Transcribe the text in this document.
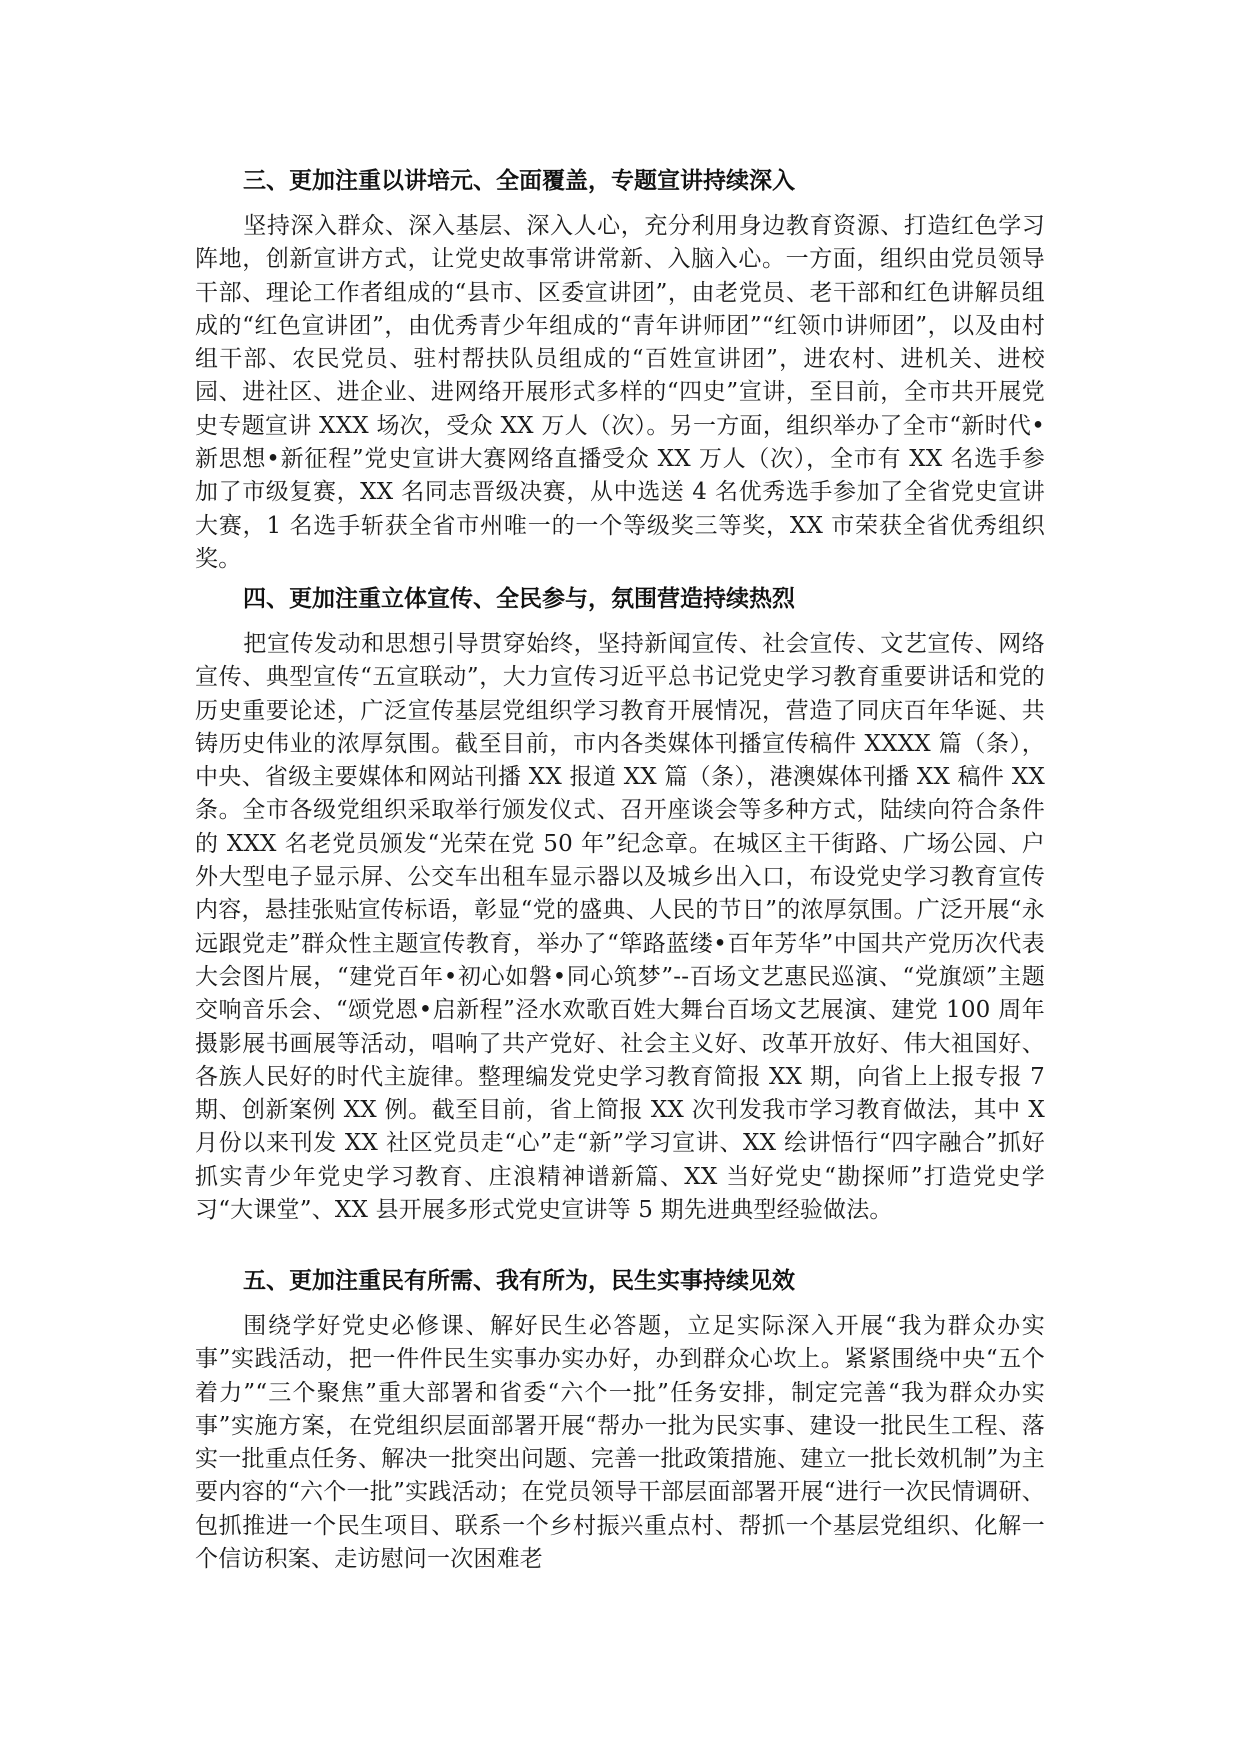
三、更加注重以讲培元、全面覆盖，专题宣讲持续深入

坚持深入群众、深入基层、深入人心，充分利用身边教育资源、打造红色学习阵地，创新宣讲方式，让党史故事常讲常新、入脑入心。一方面，组织由党员领导干部、理论工作者组成的“县市、区委宣讲团”，由老党员、老干部和红色讲解员组成的“红色宣讲团”，由优秀青少年组成的“青年讲师团”“红领巾讲师团”，以及由村组干部、农民党员、驻村帮扶队员组成的“百姓宣讲团”，进农村、进机关、进校园、进社区、进企业、进网络开展形式多样的“四史”宣讲，至目前，全市共开展党史专题宣讲 XXX 场次，受众 XX 万人（次）。另一方面，组织举办了全市“新时代•新思想•新征程”党史宣讲大赛网络直播受众 XX 万人（次），全市有 XX 名选手参加了市级复赛，XX 名同志晋级决赛，从中选送 4 名优秀选手参加了全省党史宣讲大赛，1 名选手斩获全省市州唯一的一个等级奖三等奖，XX 市荣获全省优秀组织奖。

四、更加注重立体宣传、全民参与，氛围营造持续热烈

把宣传发动和思想引导贯穿始终，坚持新闻宣传、社会宣传、文艺宣传、网络宣传、典型宣传“五宣联动”，大力宣传习近平总书记党史学习教育重要讲话和党的历史重要论述，广泛宣传基层党组织学习教育开展情况，营造了同庆百年华诞、共铸历史伟业的浓厚氛围。截至目前，市内各类媒体刊播宣传稿件 XXXX 篇（条），中央、省级主要媒体和网站刊播 XX 报道 XX 篇（条），港澳媒体刊播 XX 稿件 XX 条。全市各级党组织采取举行颁发仪式、召开座谈会等多种方式，陆续向符合条件的 XXX 名老党员颁发“光荣在党 50 年”纪念章。在城区主干街路、广场公园、户外大型电子显示屏、公交车出租车显示器以及城乡出入口，布设党史学习教育宣传内容，悬挂张贴宣传标语，彰显“党的盛典、人民的节日”的浓厚氛围。广泛开展“永远跟党走”群众性主题宣传教育，举办了“筚路蓝缕•百年芳华”中国共产党历次代表大会图片展，“建党百年•初心如磐•同心筑梦”--百场文艺惠民巡演、“党旗颂”主题交响音乐会、“颂党恩•启新程”泾水欢歌百姓大舞台百场文艺展演、建党 100 周年摄影展书画展等活动，唱响了共产党好、社会主义好、改革开放好、伟大祖国好、各族人民好的时代主旋律。整理编发党史学习教育简报 XX 期，向省上上报专报 7 期、创新案例 XX 例。截至目前，省上简报 XX 次刊发我市学习教育做法，其中 X 月份以来刊发 XX 社区党员走“心”走“新”学习宣讲、XX 绘讲悟行“四字融合”抓好抓实青少年党史学习教育、庄浪精神谱新篇、XX 当好党史“勘探师”打造党史学习“大课堂”、XX 县开展多形式党史宣讲等 5 期先进典型经验做法。

五、更加注重民有所需、我有所为，民生实事持续见效

围绕学好党史必修课、解好民生必答题，立足实际深入开展“我为群众办实事”实践活动，把一件件民生实事办实办好，办到群众心坎上。紧紧围绕中央“五个着力”“三个聚焦”重大部署和省委“六个一批”任务安排，制定完善“我为群众办实事”实施方案，在党组织层面部署开展“帮办一批为民实事、建设一批民生工程、落实一批重点任务、解决一批突出问题、完善一批政策措施、建立一批长效机制”为主要内容的“六个一批”实践活动；在党员领导干部层面部署开展“进行一次民情调研、包抓推进一个民生项目、联系一个乡村振兴重点村、帮抓一个基层党组织、化解一个信访积案、走访慰问一次困难老
